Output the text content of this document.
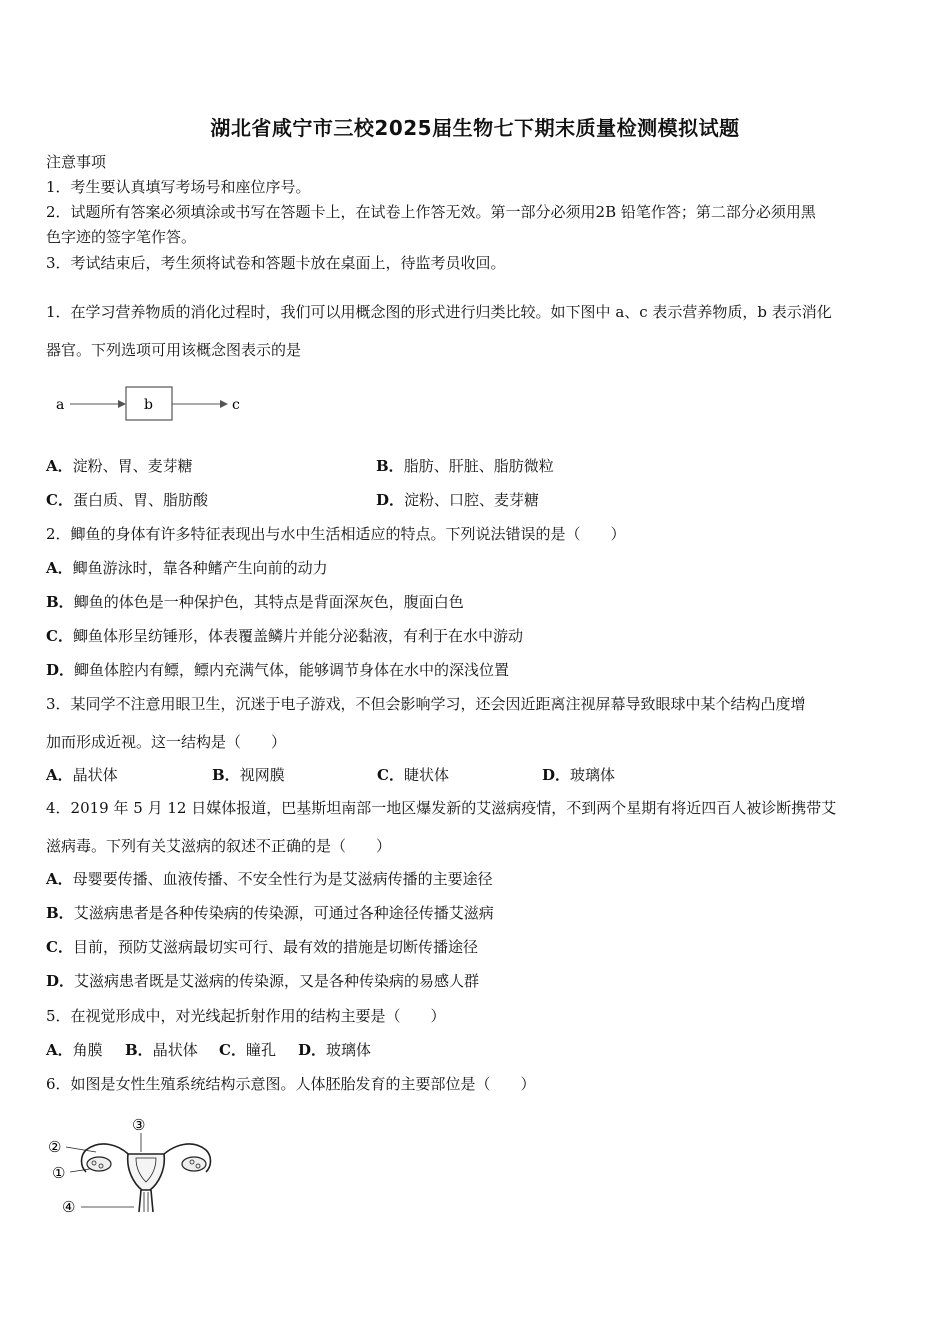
湖北省咸宁市三校2025届生物七下期末质量检测模拟试题
注意事项
1．考生要认真填写考场号和座位序号。
2．试题所有答案必须填涂或书写在答题卡上，在试卷上作答无效。第一部分必须用2B 铅笔作答；第二部分必须用黑
色字迹的签字笔作答。
3．考试结束后，考生须将试卷和答题卡放在桌面上，待监考员收回。
1．在学习营养物质的消化过程时，我们可以用概念图的形式进行归类比较。如下图中 a、c 表示营养物质，b 表示消化
器官。下列选项可用该概念图表示的是
a	b	c
A．淀粉、胃、麦芽糖	B．脂肪、肝脏、脂肪微粒
C．蛋白质、胃、脂肪酸	D．淀粉、口腔、麦芽糖
2．鲫鱼的身体有许多特征表现出与水中生活相适应的特点。下列说法错误的是（　　）
A．鲫鱼游泳时，靠各种鳍产生向前的动力
B．鲫鱼的体色是一种保护色，其特点是背面深灰色，腹面白色
C．鲫鱼体形呈纺锤形，体表覆盖鳞片并能分泌黏液，有利于在水中游动
D．鲫鱼体腔内有鳔，鳔内充满气体，能够调节身体在水中的深浅位置
3．某同学不注意用眼卫生，沉迷于电子游戏，不但会影响学习，还会因近距离注视屏幕导致眼球中某个结构凸度增
加而形成近视。这一结构是（　　）
A．晶状体	B．视网膜	C．睫状体	D．玻璃体
4．2019 年 5 月 12 日媒体报道，巴基斯坦南部一地区爆发新的艾滋病疫情，不到两个星期有将近四百人被诊断携带艾
滋病毒。下列有关艾滋病的叙述不正确的是（　　）
A．母婴要传播、血液传播、不安全性行为是艾滋病传播的主要途径
B．艾滋病患者是各种传染病的传染源，可通过各种途径传播艾滋病
C．目前，预防艾滋病最切实可行、最有效的措施是切断传播途径
D．艾滋病患者既是艾滋病的传染源，又是各种传染病的易感人群
5．在视觉形成中，对光线起折射作用的结构主要是（　　）
A．角膜 B．晶状体 C．瞳孔 D．玻璃体
6．如图是女性生殖系统结构示意图。人体胚胎发育的主要部位是（　　）
②
①
③
④
